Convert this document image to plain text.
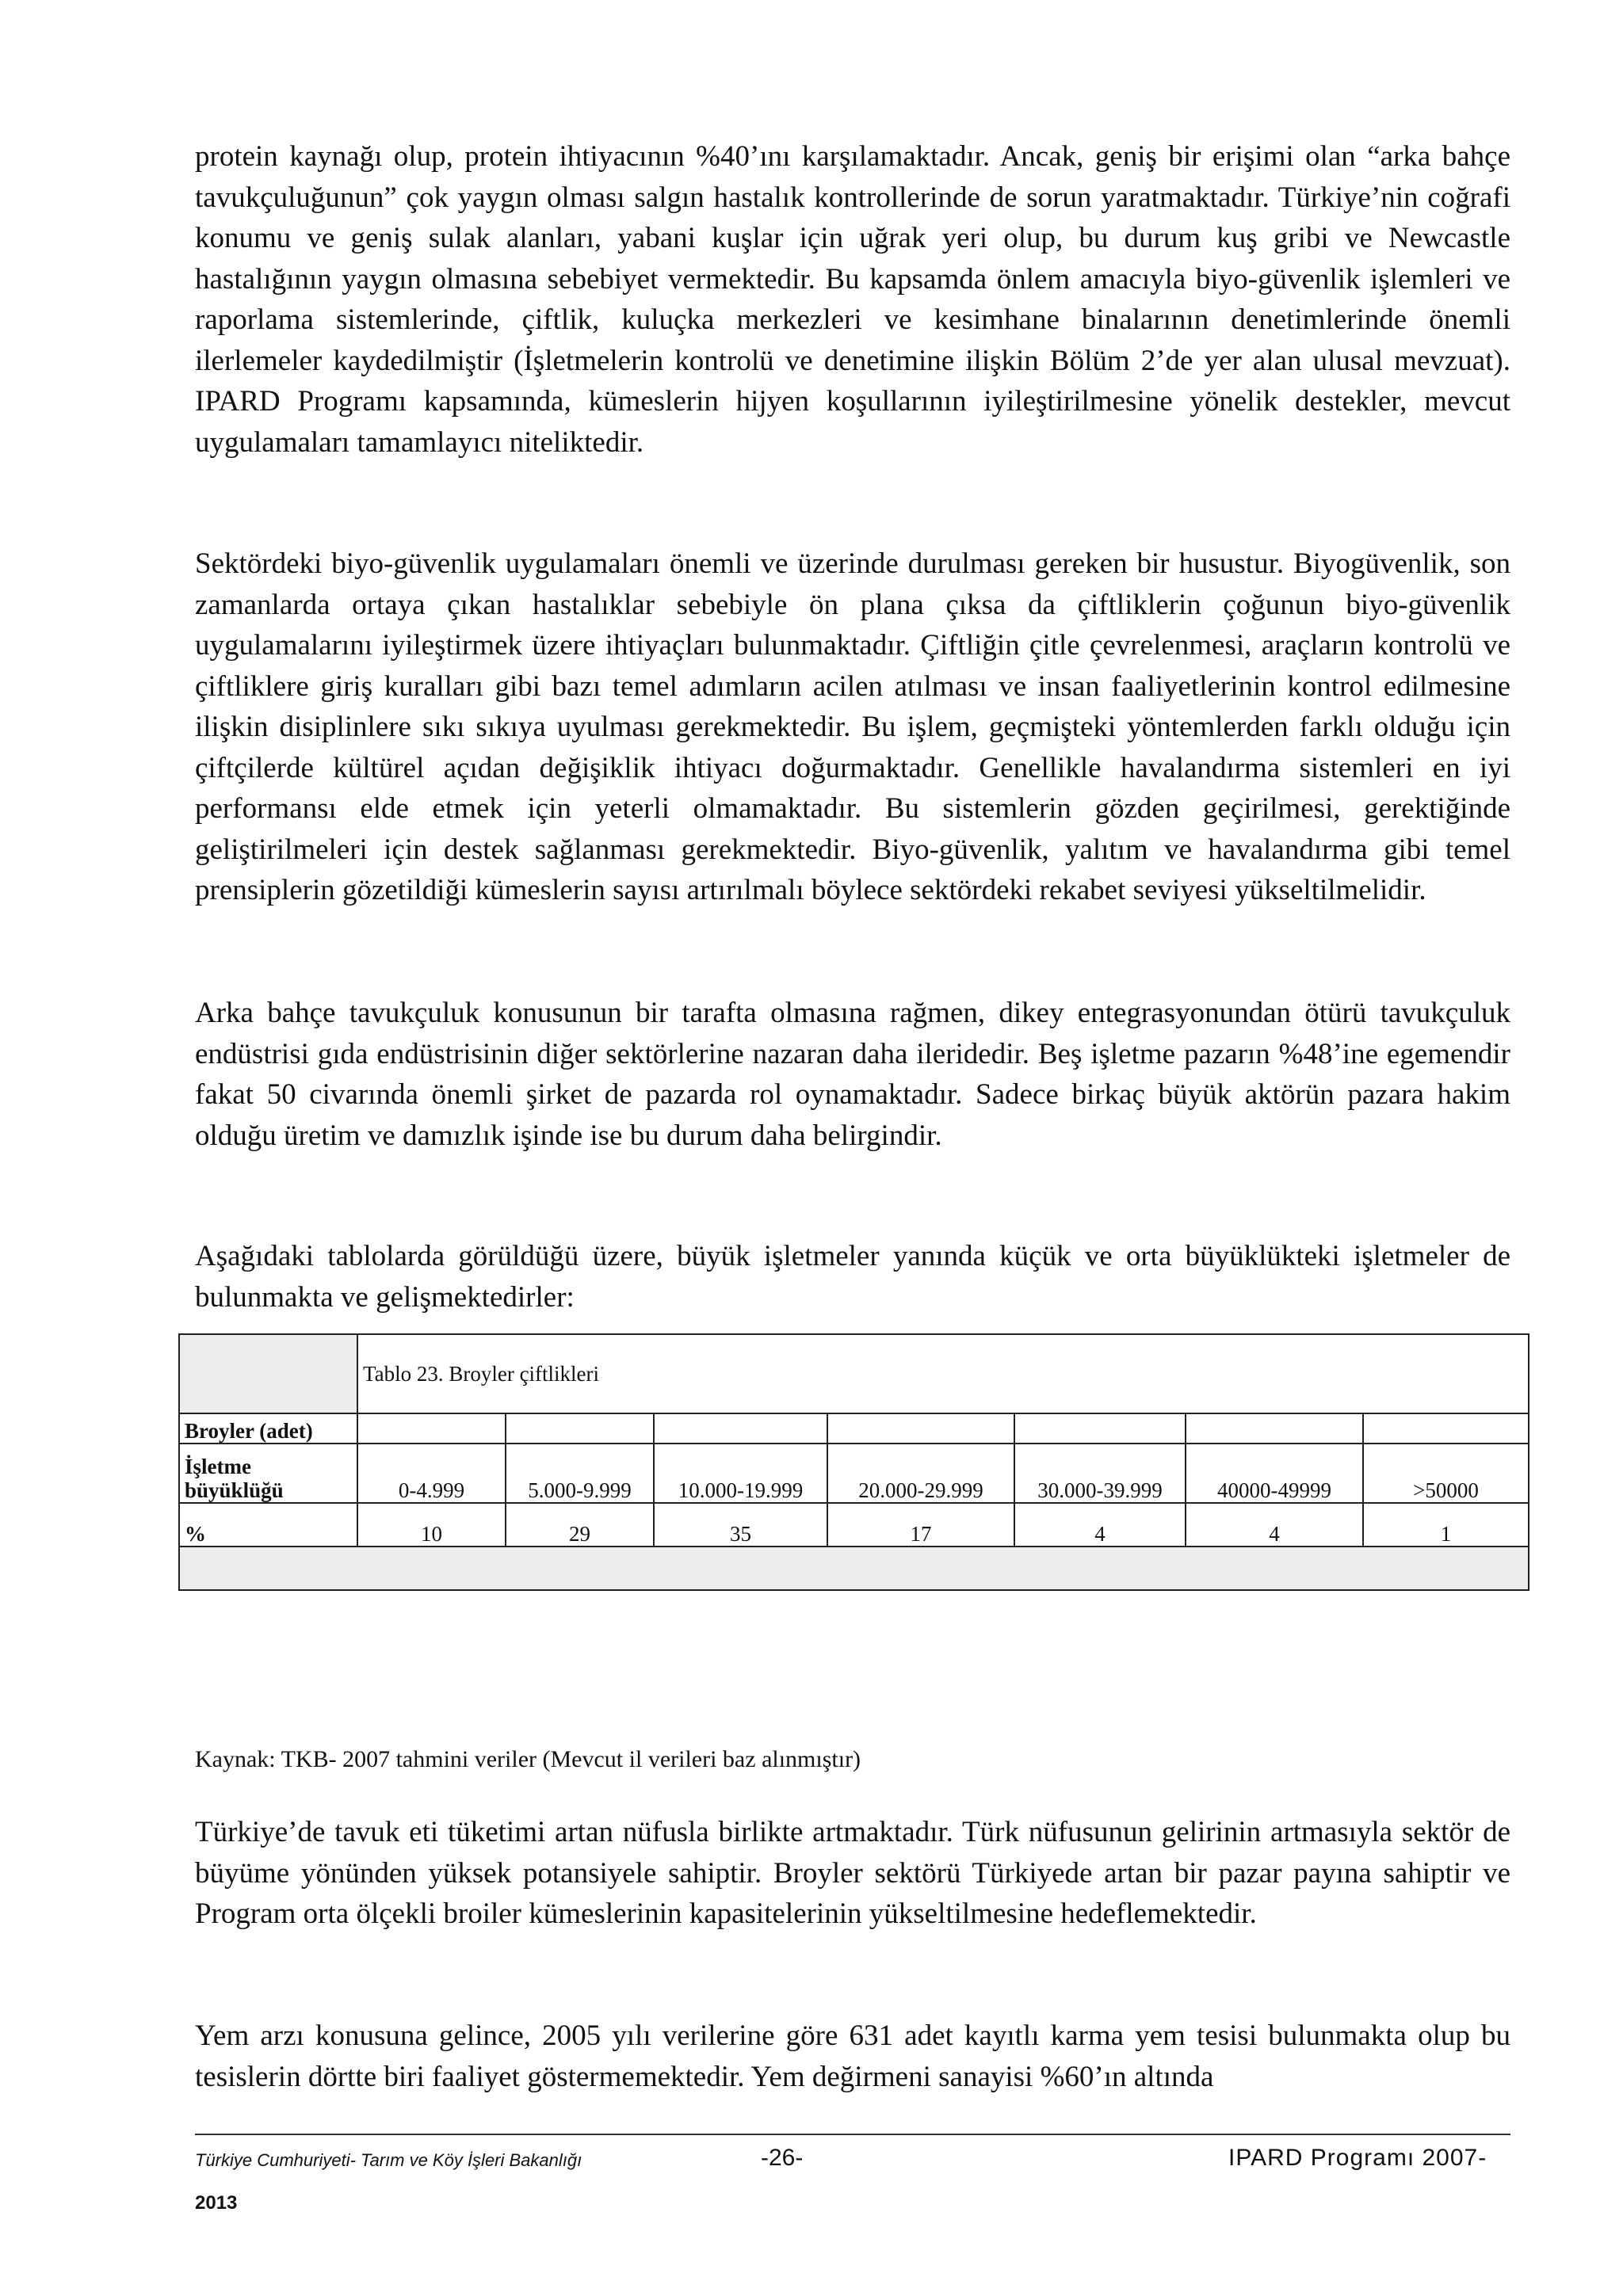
protein kaynağı olup, protein ihtiyacının %40’ını karşılamaktadır. Ancak, geniş bir erişimi olan “arka bahçe tavukçuluğunun” çok yaygın olması salgın hastalık kontrollerinde de sorun yaratmaktadır. Türkiye’nin coğrafi konumu ve geniş sulak alanları, yabani kuşlar için uğrak yeri olup, bu durum kuş gribi ve Newcastle hastalığının yaygın olmasına sebebiyet vermektedir. Bu kapsamda önlem amacıyla biyo-güvenlik işlemleri ve raporlama sistemlerinde, çiftlik, kuluçka merkezleri ve kesimhane binalarının denetimlerinde önemli ilerlemeler kaydedilmiştir (İşletmelerin kontrolü ve denetimine ilişkin Bölüm 2’de yer alan ulusal mevzuat). IPARD Programı kapsamında, kümeslerin hijyen koşullarının iyileştirilmesine yönelik destekler, mevcut uygulamaları tamamlayıcı niteliktedir.

Sektördeki biyo-güvenlik uygulamaları önemli ve üzerinde durulması gereken bir husustur. Biyogüvenlik, son zamanlarda ortaya çıkan hastalıklar sebebiyle ön plana çıksa da çiftliklerin çoğunun biyo-güvenlik uygulamalarını iyileştirmek üzere ihtiyaçları bulunmaktadır. Çiftliğin çitle çevrelenmesi, araçların kontrolü ve çiftliklere giriş kuralları gibi bazı temel adımların acilen atılması ve insan faaliyetlerinin kontrol edilmesine ilişkin disiplinlere sıkı sıkıya uyulması gerekmektedir. Bu işlem, geçmişteki yöntemlerden farklı olduğu için çiftçilerde kültürel açıdan değişiklik ihtiyacı doğurmaktadır. Genellikle havalandırma sistemleri en iyi performansı elde etmek için yeterli olmamaktadır. Bu sistemlerin gözden geçirilmesi, gerektiğinde geliştirilmeleri için destek sağlanması gerekmektedir. Biyo-güvenlik, yalıtım ve havalandırma gibi temel prensiplerin gözetildiği kümeslerin sayısı artırılmalı böylece sektördeki rekabet seviyesi yükseltilmelidir.

Arka bahçe tavukçuluk konusunun bir tarafta olmasına rağmen, dikey entegrasyonundan ötürü tavukçuluk endüstrisi gıda endüstrisinin diğer sektörlerine nazaran daha ileridedir. Beş işletme pazarın %48’ine egemendir fakat 50 civarında önemli şirket de pazarda rol oynamaktadır. Sadece birkaç büyük aktörün pazara hakim olduğu üretim ve damızlık işinde ise bu durum daha belirgindir.

Aşağıdaki tablolarda görüldüğü üzere, büyük işletmeler yanında küçük ve orta büyüklükteki işletmeler de bulunmakta ve gelişmektedirler:

	Tablo 23. Broyler çiftlikleri						
Broyler (adet)							
İşletme büyüklüğü	0-4.999	5.000-9.999	10.000-19.999	20.000-29.999	30.000-39.999	40000-49999	>50000
%	10	29	35	17	4	4	1

Kaynak: TKB- 2007 tahmini veriler (Mevcut il verileri baz alınmıştır)

Türkiye’de tavuk eti tüketimi artan nüfusla birlikte artmaktadır. Türk nüfusunun gelirinin artmasıyla sektör de büyüme yönünden yüksek potansiyele sahiptir. Broyler sektörü Türkiyede artan bir pazar payına sahiptir ve Program orta ölçekli broiler kümeslerinin kapasitelerinin yükseltilmesine hedeflemektedir.

Yem arzı konusuna gelince, 2005 yılı verilerine göre 631 adet kayıtlı karma yem tesisi bulunmakta olup bu tesislerin dörtte biri faaliyet göstermemektedir. Yem değirmeni sanayisi %60’ın altında

Türkiye Cumhuriyeti- Tarım ve Köy İşleri Bakanlığı	-26-	IPARD Programı 2007-
2013
